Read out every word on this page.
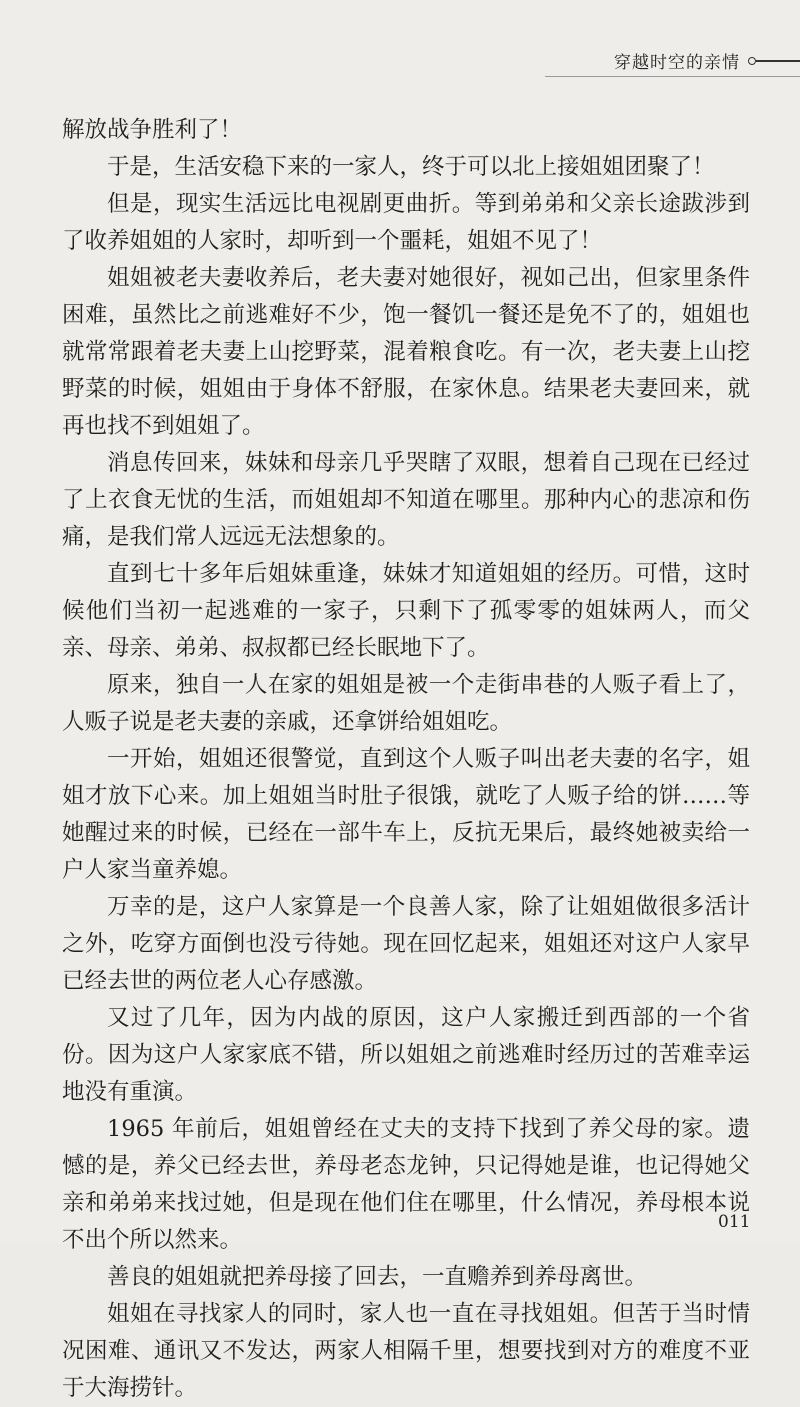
穿越时空的亲情

解放战争胜利了！

于是，生活安稳下来的一家人，终于可以北上接姐姐团聚了！

但是，现实生活远比电视剧更曲折。等到弟弟和父亲长途跋涉到了收养姐姐的人家时，却听到一个噩耗，姐姐不见了！

姐姐被老夫妻收养后，老夫妻对她很好，视如己出，但家里条件困难，虽然比之前逃难好不少，饱一餐饥一餐还是免不了的，姐姐也就常常跟着老夫妻上山挖野菜，混着粮食吃。有一次，老夫妻上山挖野菜的时候，姐姐由于身体不舒服，在家休息。结果老夫妻回来，就再也找不到姐姐了。

消息传回来，妹妹和母亲几乎哭瞎了双眼，想着自己现在已经过了上衣食无忧的生活，而姐姐却不知道在哪里。那种内心的悲凉和伤痛，是我们常人远远无法想象的。

直到七十多年后姐妹重逢，妹妹才知道姐姐的经历。可惜，这时候他们当初一起逃难的一家子，只剩下了孤零零的姐妹两人，而父亲、母亲、弟弟、叔叔都已经长眠地下了。

原来，独自一人在家的姐姐是被一个走街串巷的人贩子看上了，人贩子说是老夫妻的亲戚，还拿饼给姐姐吃。

一开始，姐姐还很警觉，直到这个人贩子叫出老夫妻的名字，姐姐才放下心来。加上姐姐当时肚子很饿，就吃了人贩子给的饼……等她醒过来的时候，已经在一部牛车上，反抗无果后，最终她被卖给一户人家当童养媳。

万幸的是，这户人家算是一个良善人家，除了让姐姐做很多活计之外，吃穿方面倒也没亏待她。现在回忆起来，姐姐还对这户人家早已经去世的两位老人心存感激。

又过了几年，因为内战的原因，这户人家搬迁到西部的一个省份。因为这户人家家底不错，所以姐姐之前逃难时经历过的苦难幸运地没有重演。

1965 年前后，姐姐曾经在丈夫的支持下找到了养父母的家。遗憾的是，养父已经去世，养母老态龙钟，只记得她是谁，也记得她父亲和弟弟来找过她，但是现在他们住在哪里，什么情况，养母根本说不出个所以然来。

善良的姐姐就把养母接了回去，一直赡养到养母离世。

姐姐在寻找家人的同时，家人也一直在寻找姐姐。但苦于当时情况困难、通讯又不发达，两家人相隔千里，想要找到对方的难度不亚于大海捞针。

011
